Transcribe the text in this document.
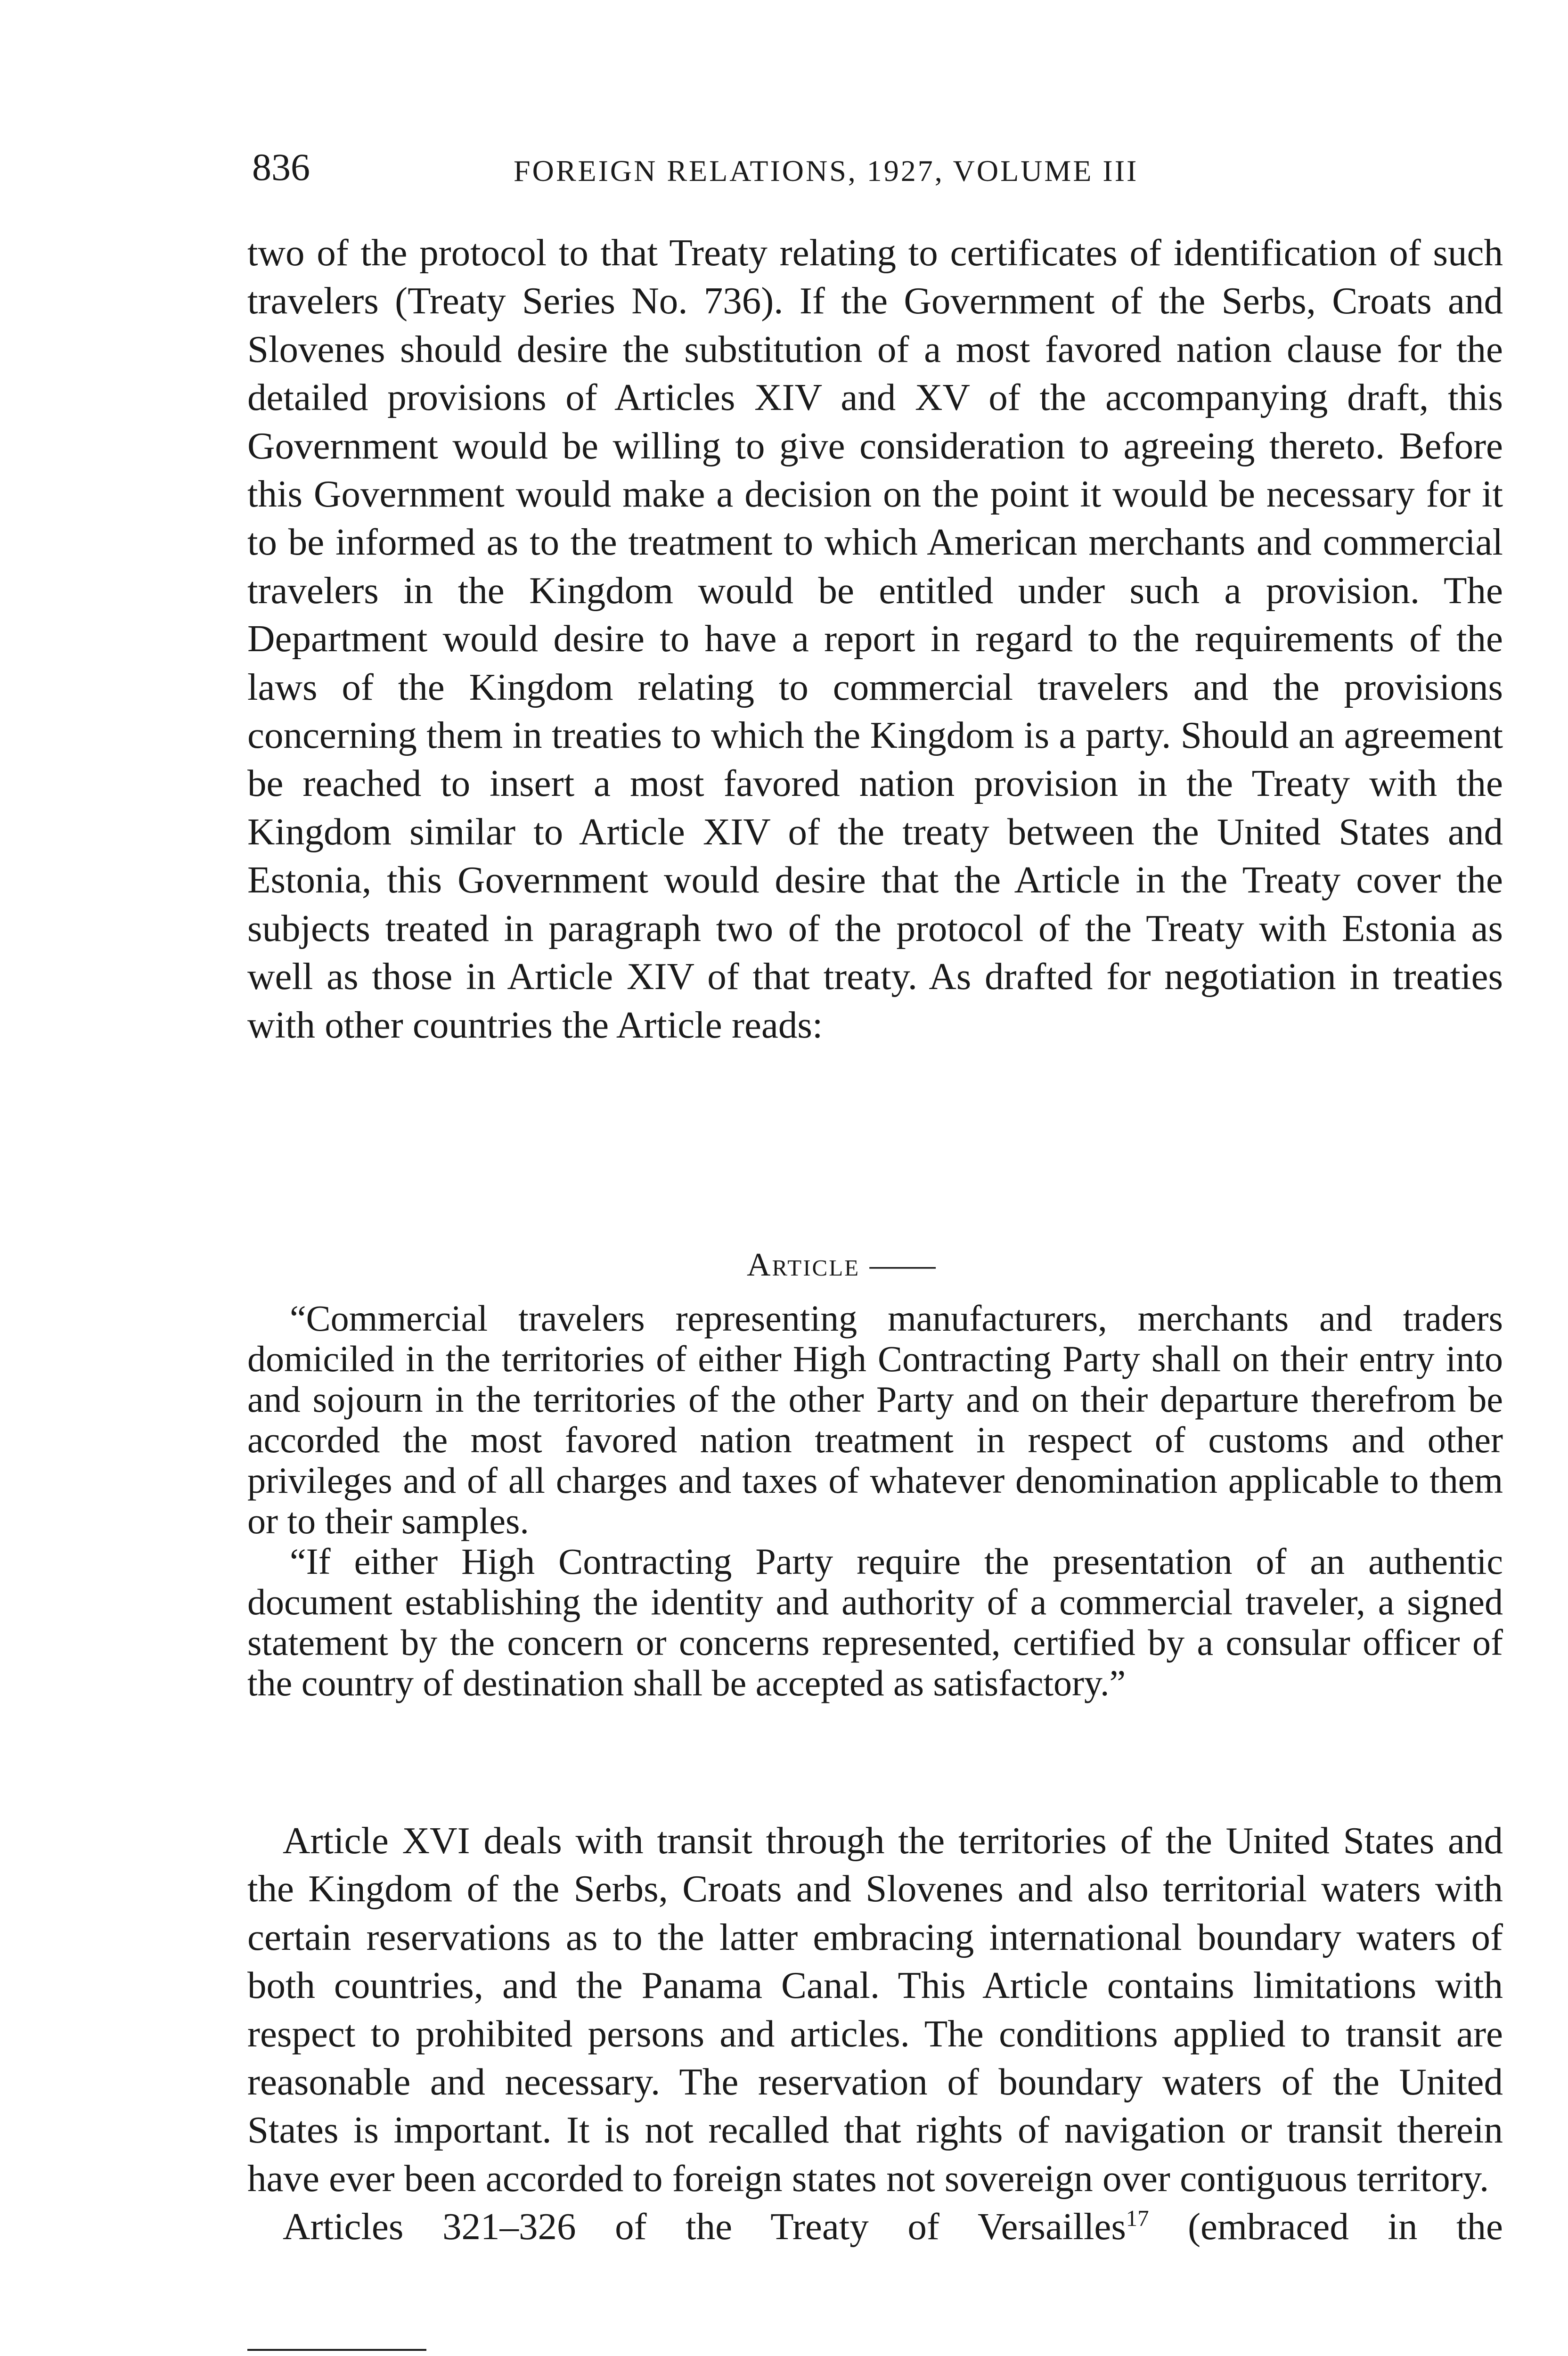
836	FOREIGN RELATIONS, 1927, VOLUME III

two of the protocol to that Treaty relating to certificates of identification of such travelers (Treaty Series No. 736). If the Government of the Serbs, Croats and Slovenes should desire the substitution of a most favored nation clause for the detailed provisions of Articles XIV and XV of the accompanying draft, this Government would be willing to give consideration to agreeing thereto. Before this Government would make a decision on the point it would be necessary for it to be informed as to the treatment to which American merchants and commercial travelers in the Kingdom would be entitled under such a provision. The Department would desire to have a report in regard to the requirements of the laws of the Kingdom relating to commercial travelers and the provisions concerning them in treaties to which the Kingdom is a party. Should an agreement be reached to insert a most favored nation provision in the Treaty with the Kingdom similar to Article XIV of the treaty between the United States and Estonia, this Government would desire that the Article in the Treaty cover the subjects treated in paragraph two of the protocol of the Treaty with Estonia as well as those in Article XIV of that treaty. As drafted for negotiation in treaties with other countries the Article reads:

Article ——

“Commercial travelers representing manufacturers, merchants and traders domiciled in the territories of either High Contracting Party shall on their entry into and sojourn in the territories of the other Party and on their departure therefrom be accorded the most favored nation treatment in respect of customs and other privileges and of all charges and taxes of whatever denomination applicable to them or to their samples.

“If either High Contracting Party require the presentation of an authentic document establishing the identity and authority of a commercial traveler, a signed statement by the concern or concerns represented, certified by a consular officer of the country of destination shall be accepted as satisfactory.”

Article XVI deals with transit through the territories of the United States and the Kingdom of the Serbs, Croats and Slovenes and also territorial waters with certain reservations as to the latter embracing international boundary waters of both countries, and the Panama Canal. This Article contains limitations with respect to prohibited persons and articles. The conditions applied to transit are reasonable and necessary. The reservation of boundary waters of the United States is important. It is not recalled that rights of navigation or transit therein have ever been accorded to foreign states not sovereign over contiguous territory.

Articles 321–326 of the Treaty of Versailles$^{17}$ (embraced in the
